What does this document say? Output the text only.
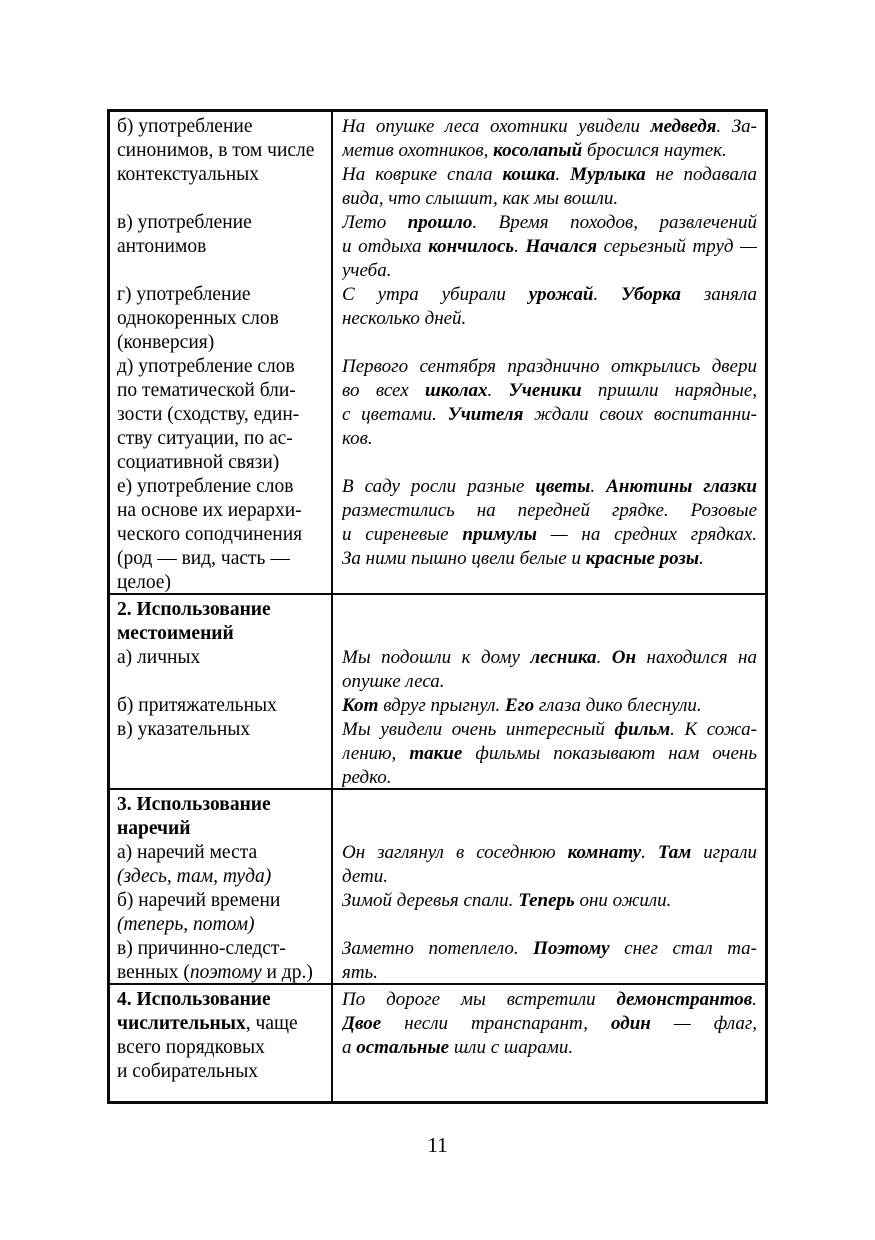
б) употребление
синонимов, в том числе
контекстуальных
в) употребление
антонимов
г) употребление
однокоренных слов
(конверсия)
д) употребление слов
по тематической бли-
зости (сходству, един-
ству ситуации, по ас-
социативной связи)
е) употребление слов
на основе их иерархи-
ческого соподчинения
(род — вид, часть —
целое)
На опушке леса охотники увидели медведя. За-
метив охотников, косолапый бросился наутек.
На коврике спала кошка. Мурлыка не подавала
вида, что слышит, как мы вошли.
Лето прошло. Время походов, развлечений
и отдыха кончилось. Начался серьезный труд —
учеба.
С утра убирали урожай. Уборка заняла
несколько дней.
Первого сентября празднично открылись двери
во всех школах. Ученики пришли нарядные,
с цветами. Учителя ждали своих воспитанни-
ков.
В саду росли разные цветы. Анютины глазки
разместились на передней грядке. Розовые
и сиреневые примулы — на средних грядках.
За ними пышно цвели белые и красные розы.
2. Использование
местоимений
а) личных
б) притяжательных
в) указательных
Мы подошли к дому лесника. Он находился на
опушке леса.
Кот вдруг прыгнул. Его глаза дико блеснули.
Мы увидели очень интересный фильм. К сожа-
лению, такие фильмы показывают нам очень
редко.
3. Использование
наречий
а) наречий места
(здесь, там, туда)
б) наречий времени
(теперь, потом)
в) причинно-следст-
венных (поэтому и др.)
Он заглянул в соседнюю комнату. Там играли
дети.
Зимой деревья спали. Теперь они ожили.
Заметно потеплело. Поэтому снег стал та-
ять.
4. Использование
числительных, чаще
всего порядковых
и собирательных
По дороге мы встретили демонстрантов.
Двое несли транспарант, один — флаг,
а остальные шли с шарами.
11
